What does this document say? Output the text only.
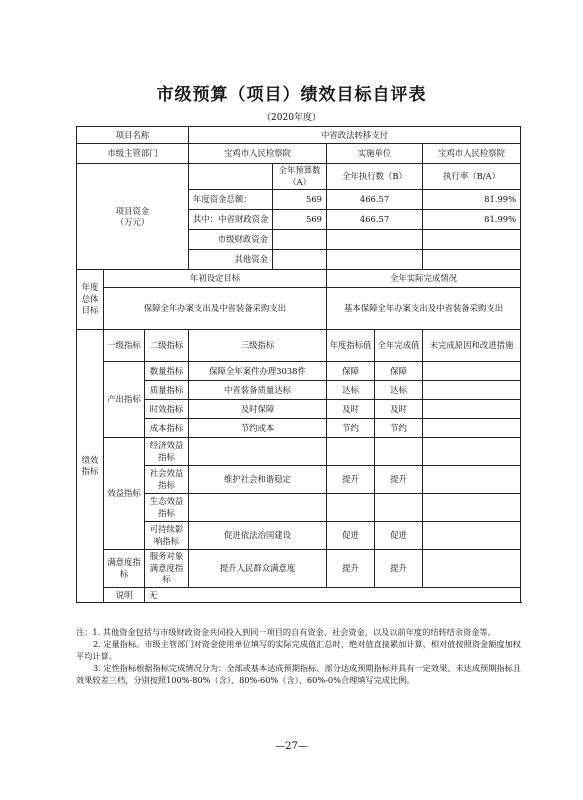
市级预算（项目）绩效目标自评表
（2020年度）
项目名称			中省政法转移支付				
市级主管部门			宝鸡市人民检察院		实施单位		宝鸡市人民检察院
项目资金
（万元）				全年预算数（A）	全年执行数（B）		执行率（B/A）
			年度资金总额：	569	466.57		81.99%
			其中：中省财政资金	569	466.57		81.99%
			市级财政资金				
			其他资金				
年度总体目标	年初设定目标				全年实际完成情况		
	保障全年办案支出及中省装备采购支出				基本保障全年办案支出及中省装备采购支出		
绩效指标	一级指标	二级指标	三级指标		年度指标值	全年完成值	未完成原因和改进措施
	产出指标	数量指标	保障全年案件办理3038件		保障	保障	
		质量指标	中省装备质量达标		达标	达标	
		时效指标	及时保障		及时	及时	
		成本指标	节约成本		节约	节约	
	效益指标	经济效益指标					
		社会效益指标	维护社会和谐稳定		提升	提升	
		生态效益指标					
		可持续影响指标	促进依法治国建设		促进	促进	
	满意度指标	服务对象满意度指标	提升人民群众满意度		提升	提升	
	说明	无					

注：1. 其他资金包括与市级财政资金共同投入到同一项目的自有资金、社会资金，以及以前年度的结转结余资金等。

2. 定量指标。市级主管部门对资金使用单位填写的实际完成值汇总时，绝对值直接累加计算，相对值按照资金额度加权平均计算。

3. 定性指标根据指标完成情况分为：全部或基本达成预期指标、部分达成预期指标并具有一定效果、未达成预期指标且效果较差三档，分别按照100%-80%（含）、80%-60%（含）、60%-0%合理填写完成比例。

—27—
